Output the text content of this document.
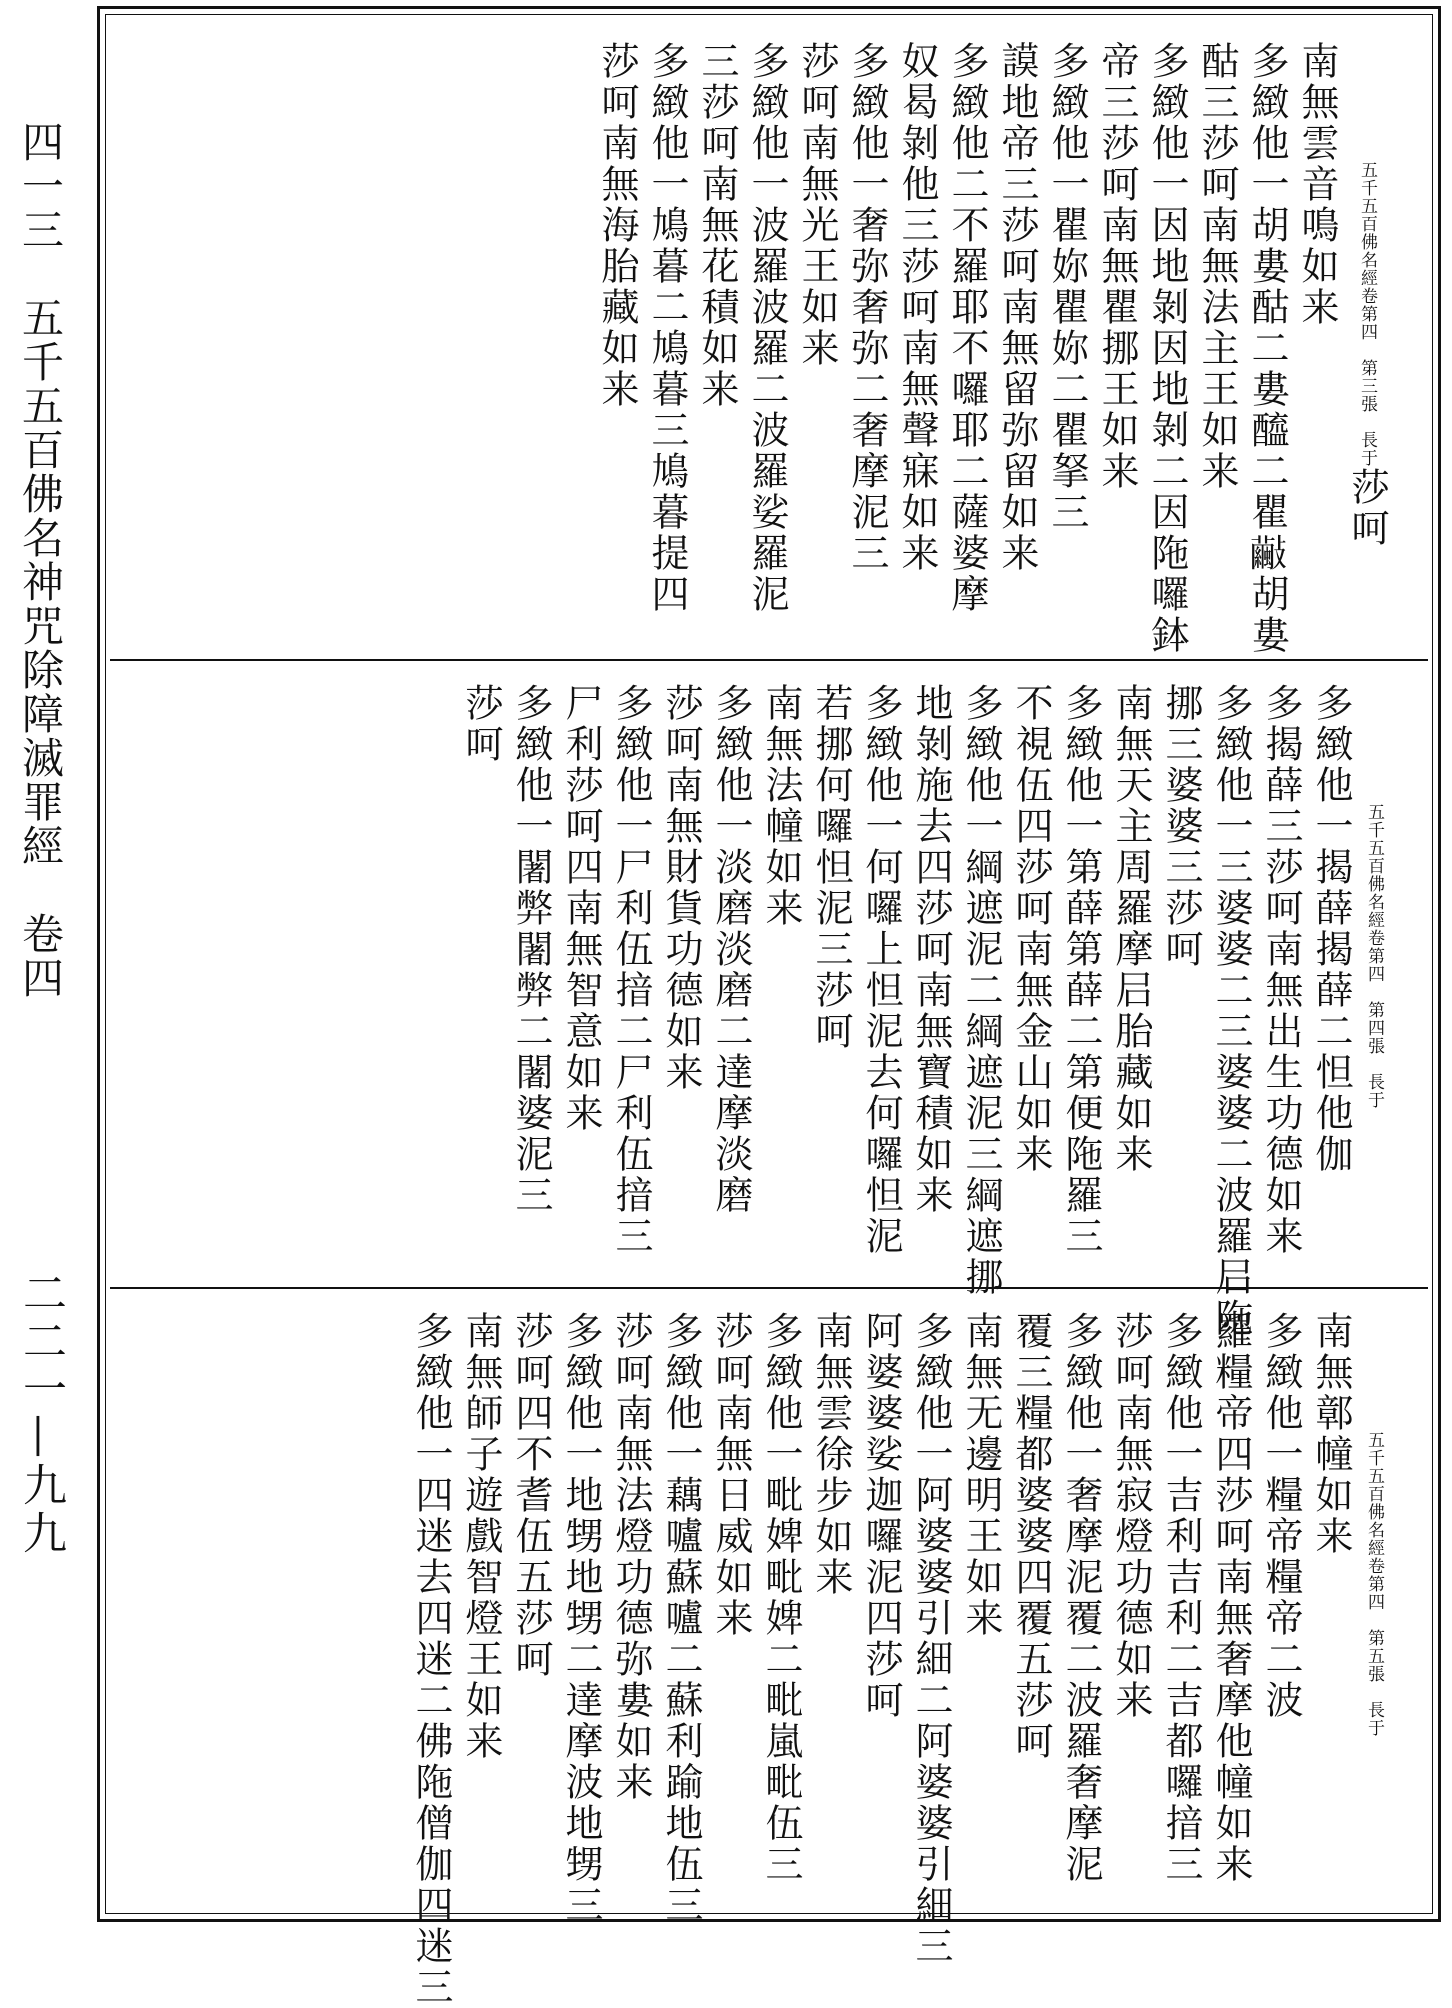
四一三　五千五百佛名神咒除障滅罪經　卷四
二二一—九九
五千五百佛名經卷第四　第三張　長于莎呵南無雲音鳴如来多緻他一胡婁酤二婁醯二瞿𣀺胡婁酤三莎呵南無法主王如来多緻他一因地剝因地剝二因陁囉鉢帝三莎呵南無瞿挪王如来多緻他一瞿妳瞿妳二瞿拏三謨地帝三莎呵南無留弥留如来多緻他二不羅耶不囉耶二薩婆摩奴曷剝他三莎呵南無聲寐如来多緻他一奢弥奢弥二奢摩泥三莎呵南無光王如来多緻他一波羅波羅二波羅娑羅泥三莎呵南無花積如来多緻他一鳩暮二鳩暮三鳩暮提四莎呵南無海胎藏如来
五千五百佛名經卷第四　第四張　長于多緻他一揭薛揭薛二怛他伽多揭薛三莎呵南無出生功德如来多緻他一三婆婆二三婆婆二波羅𡰪陁挪三婆婆三莎呵南無天主周羅摩𡰪胎藏如来多緻他一第薛第薛二第便陁羅三不視伍四莎呵南無金山如来多緻他一綱遮泥二綱遮泥三綱遮挪地剝施去四莎呵南無寶積如来多緻他一何囉上怛泥去何囉怛泥若挪何囉怛泥三莎呵南無法幢如来多緻他一淡磨淡磨二達摩淡磨莎呵南無財貨功德如来多緻他一尸利伍揞二尸利伍揞三尸利莎呵四南無智意如来多緻他一闍弊闍弊二闍婆泥三莎呵
五千五百佛名經卷第四　第五張　長于南無鄣幢如来多緻他一糧帝糧帝二波羅糧帝四莎呵南無奢摩他幢如来多緻他一吉利吉利二吉都囉揞三莎呵南無寂燈功德如来多緻他一奢摩泥覆二波羅奢摩泥覆三糧都婆婆四覆五莎呵南無无邊明王如来多緻他一阿婆婆引細二阿婆婆引細三阿婆婆娑迦囉泥四莎呵南無雲徐步如来多緻他一毗婢毗婢二毗嵐毗伍三莎呵南無日威如来多緻他一藕嚧蘇嚧二蘇利踰地伍三莎呵南無法燈功德弥婁如来多緻他一地甥地甥二達摩波地甥三莎呵四不耆伍五莎呵南無師子遊戲智燈王如来多緻他一四迷去四迷二佛陁僧伽四迷三
